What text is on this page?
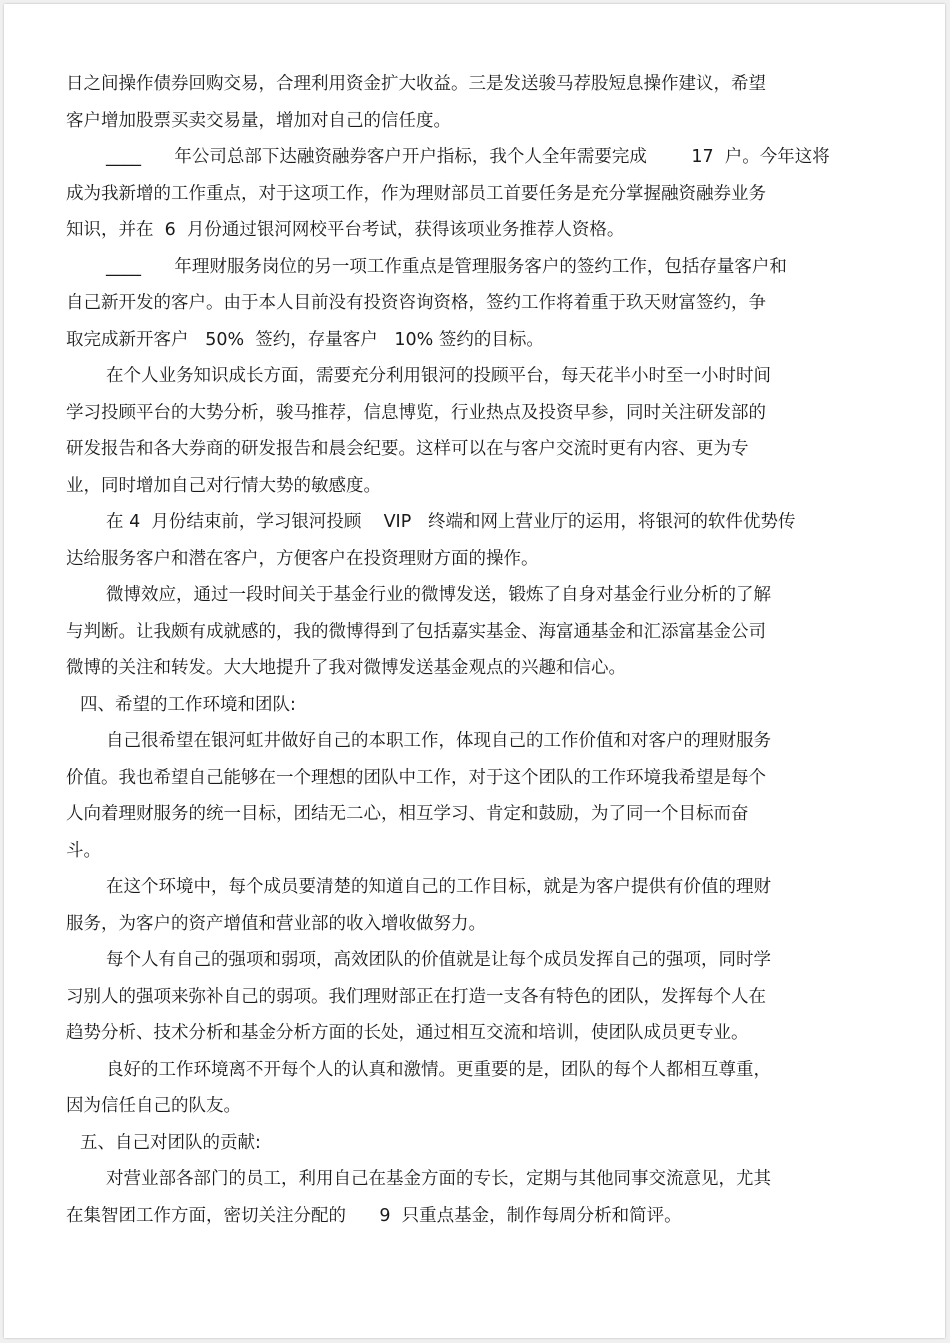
日之间操作债券回购交易，合理利用资金扩大收益。三是发送骏马荐股短息操作建议，希望
客户增加股票买卖交易量，增加对自己的信任度。
____      年公司总部下达融资融券客户开户指标，我个人全年需要完成        17  户。今年这将
成为我新增的工作重点，对于这项工作，作为理财部员工首要任务是充分掌握融资融券业务
知识，并在  6  月份通过银河网校平台考试，获得该项业务推荐人资格。
____      年理财服务岗位的另一项工作重点是管理服务客户的签约工作，包括存量客户和
自己新开发的客户。由于本人目前没有投资咨询资格，签约工作将着重于玖天财富签约，争
取完成新开客户   50%  签约，存量客户   10% 签约的目标。
在个人业务知识成长方面，需要充分利用银河的投顾平台，每天花半小时至一小时时间
学习投顾平台的大势分析，骏马推荐，信息博览，行业热点及投资早参，同时关注研发部的
研发报告和各大券商的研发报告和晨会纪要。这样可以在与客户交流时更有内容、更为专
业，同时增加自己对行情大势的敏感度。
在 4  月份结束前，学习银河投顾    VIP   终端和网上营业厅的运用，将银河的软件优势传
达给服务客户和潜在客户，方便客户在投资理财方面的操作。
微博效应，通过一段时间关于基金行业的微博发送，锻炼了自身对基金行业分析的了解
与判断。让我颇有成就感的，我的微博得到了包括嘉实基金、海富通基金和汇添富基金公司
微博的关注和转发。大大地提升了我对微博发送基金观点的兴趣和信心。
四、希望的工作环境和团队:
自己很希望在银河虹井做好自己的本职工作，体现自己的工作价值和对客户的理财服务
价值。我也希望自己能够在一个理想的团队中工作，对于这个团队的工作环境我希望是每个
人向着理财服务的统一目标，团结无二心，相互学习、肯定和鼓励，为了同一个目标而奋
斗。
在这个环境中，每个成员要清楚的知道自己的工作目标，就是为客户提供有价值的理财
服务，为客户的资产增值和营业部的收入增收做努力。
每个人有自己的强项和弱项，高效团队的价值就是让每个成员发挥自己的强项，同时学
习别人的强项来弥补自己的弱项。我们理财部正在打造一支各有特色的团队，发挥每个人在
趋势分析、技术分析和基金分析方面的长处，通过相互交流和培训，使团队成员更专业。
良好的工作环境离不开每个人的认真和激情。更重要的是，团队的每个人都相互尊重，
因为信任自己的队友。
五、自己对团队的贡献:
对营业部各部门的员工，利用自己在基金方面的专长，定期与其他同事交流意见，尤其
在集智团工作方面，密切关注分配的      9  只重点基金，制作每周分析和简评。
